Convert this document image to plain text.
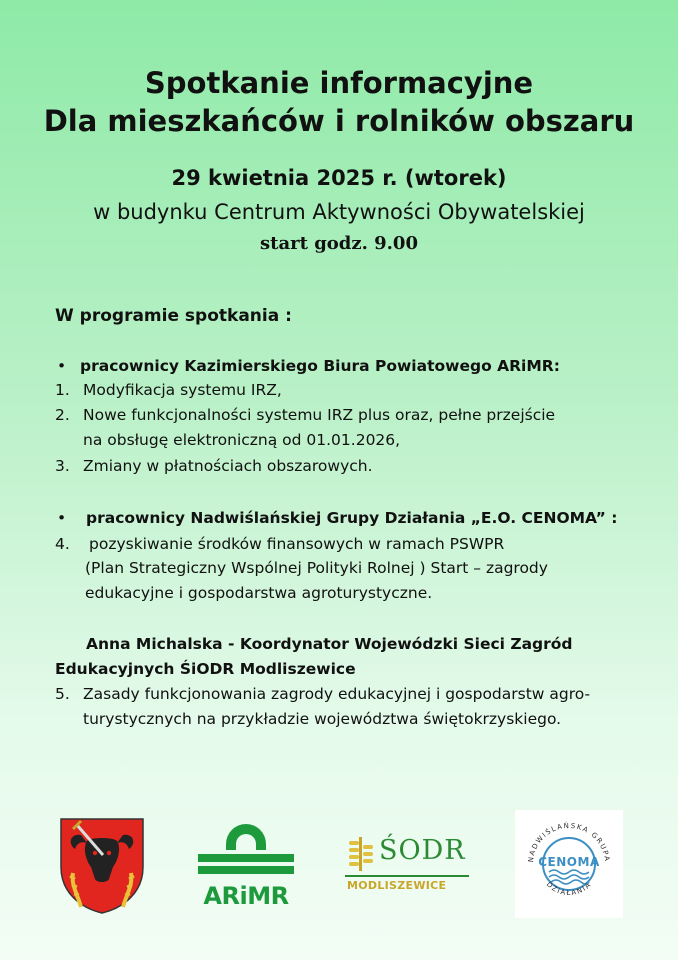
Spotkanie informacyjne
Dla mieszkańców i rolników obszaru
29 kwietnia 2025 r. (wtorek)
w budynku Centrum Aktywności Obywatelskiej
start godz. 9.00
W programie spotkania :
• pracownicy Kazimierskiego Biura Powiatowego ARiMR:
1. Modyfikacja systemu IRZ,
2. Nowe funkcjonalności systemu IRZ plus oraz, pełne przejście
na obsługę elektroniczną od 01.01.2026,
3. Zmiany w płatnościach obszarowych.
• pracownicy Nadwiślańskiej Grupy Działania „E.O. CENOMA” :
4. pozyskiwanie środków finansowych w ramach PSWPR
(Plan Strategiczny Wspólnej Polityki Rolnej ) Start – zagrody
edukacyjne i gospodarstwa agroturystyczne.
Anna Michalska - Koordynator Wojewódzki Sieci Zagród
Edukacyjnych ŚiODR Modliszewice
5. Zasady funkcjonowania zagrody edukacyjnej i gospodarstw agro-
turystycznych na przykładzie województwa świętokrzyskiego.
ARiMR
ŚODR
MODLISZEWICE
NADWIŚLAŃSKA GRUPA
DZIAŁANIA
CENOMA
